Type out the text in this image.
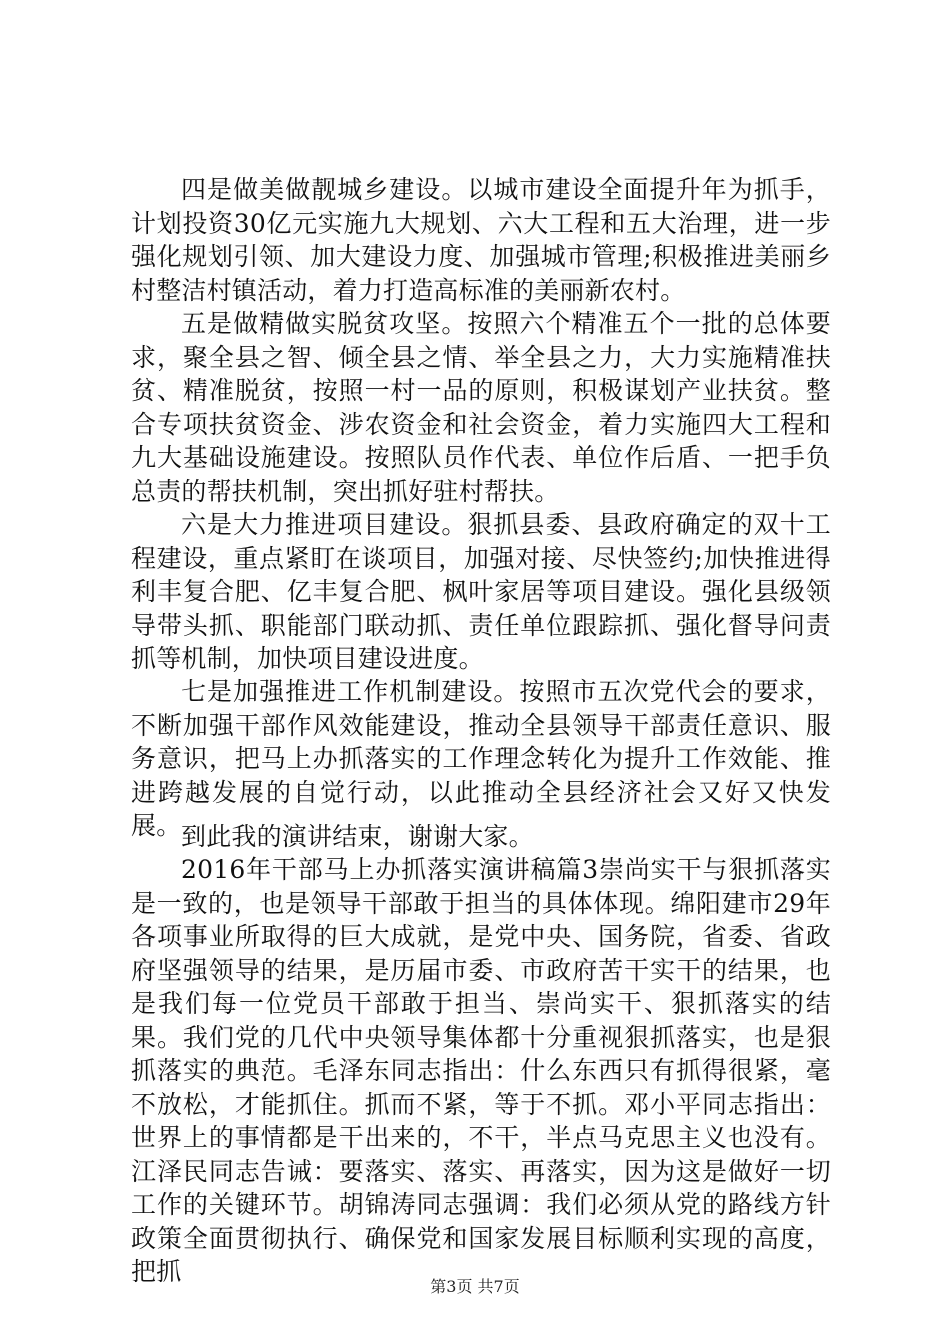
四是做美做靓城乡建设。以城市建设全面提升年为抓手，计划投资30亿元实施九大规划、六大工程和五大治理，进一步强化规划引领、加大建设力度、加强城市管理;积极推进美丽乡村整洁村镇活动，着力打造高标准的美丽新农村。

五是做精做实脱贫攻坚。按照六个精准五个一批的总体要求，聚全县之智、倾全县之情、举全县之力，大力实施精准扶贫、精准脱贫，按照一村一品的原则，积极谋划产业扶贫。整合专项扶贫资金、涉农资金和社会资金，着力实施四大工程和九大基础设施建设。按照队员作代表、单位作后盾、一把手负总责的帮扶机制，突出抓好驻村帮扶。

六是大力推进项目建设。狠抓县委、县政府确定的双十工程建设，重点紧盯在谈项目，加强对接、尽快签约;加快推进得利丰复合肥、亿丰复合肥、枫叶家居等项目建设。强化县级领导带头抓、职能部门联动抓、责任单位跟踪抓、强化督导问责抓等机制，加快项目建设进度。

七是加强推进工作机制建设。按照市五次党代会的要求，不断加强干部作风效能建设，推动全县领导干部责任意识、服务意识，把马上办抓落实的工作理念转化为提升工作效能、推进跨越发展的自觉行动，以此推动全县经济社会又好又快发展。 到此我的演讲结束，谢谢大家。

2016年干部马上办抓落实演讲稿篇3崇尚实干与狠抓落实是一致的，也是领导干部敢于担当的具体体现。绵阳建市29年各项事业所取得的巨大成就，是党中央、国务院，省委、省政府坚强领导的结果，是历届市委、市政府苦干实干的结果，也是我们每一位党员干部敢于担当、崇尚实干、狠抓落实的结果。我们党的几代中央领导集体都十分重视狠抓落实，也是狠抓落实的典范。毛泽东同志指出：什么东西只有抓得很紧，毫不放松，才能抓住。抓而不紧，等于不抓。邓小平同志指出：世界上的事情都是干出来的，不干，半点马克思主义也没有。江泽民同志告诫：要落实、落实、再落实，因为这是做好一切工作的关键环节。胡锦涛同志强调：我们必须从党的路线方针政策全面贯彻执行、确保党和国家发展目标顺利实现的高度，把抓

第3页 共7页
